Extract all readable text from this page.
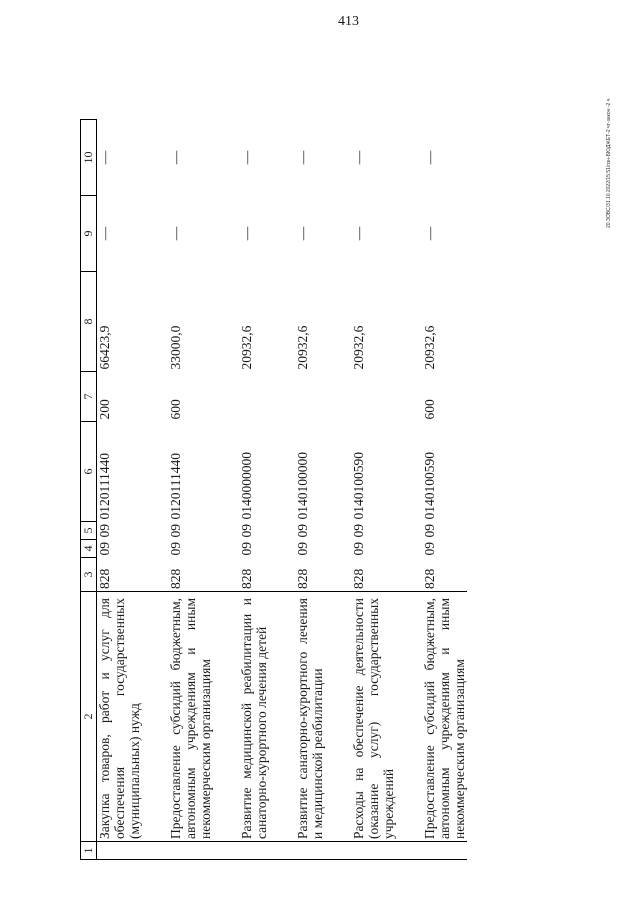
413
20.ЗОВС/31.10.2022/15:51/пзн-БЮДЖЕТ-2 чт-закон -2 ч.
1	2	3	4	5	6	7	8	9	10
	Закупка товаров, работ и услуг для обеспечения государственных (муниципальных) нужд	828	09	09	0120111440	200	66423,9	—	—

	Предоставление субсидий бюджетным, автономным учреждениям и иным некоммерческим организациям	828	09	09	0120111440	600	33000,0	—	—

	Развитие медицинской реабилитации и санаторно-курортного лечения детей	828	09	09	0140000000		20932,6	—	—

	Развитие санаторно-курортного лечения и медицинской реабилитации	828	09	09	0140100000		20932,6	—	—

	Расходы на обеспечение деятельности (оказание услуг) государственных учреждений	828	09	09	0140100590		20932,6	—	—

	Предоставление субсидий бюджетным, автономным учреждениям и иным некоммерческим организациям	828	09	09	0140100590	600	20932,6	—	—
